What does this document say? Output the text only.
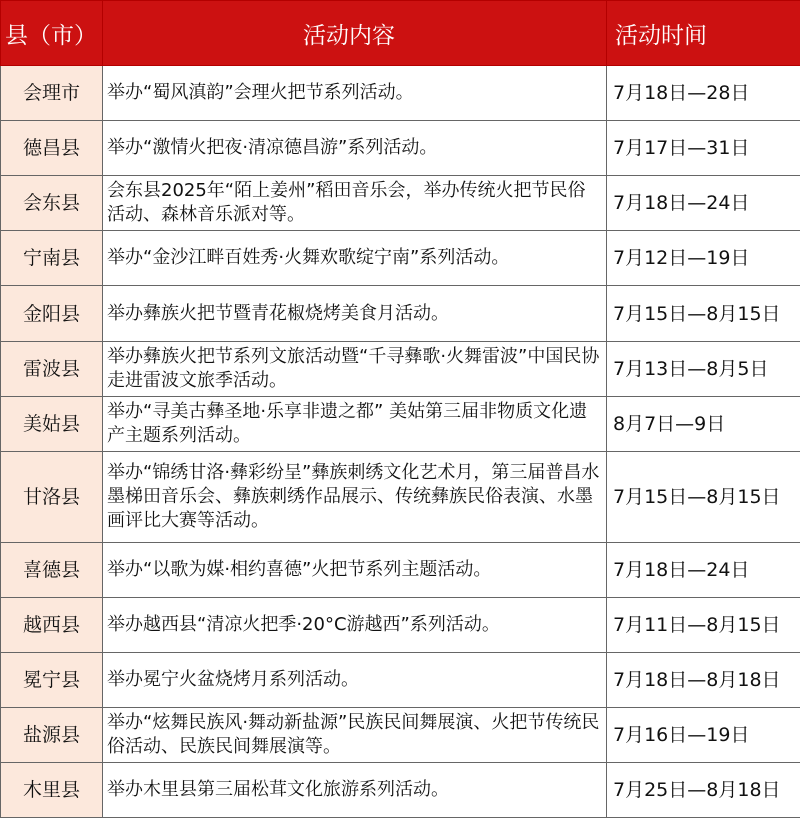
县（市）	活动内容	活动时间
会理市	举办“蜀风滇韵”会理火把节系列活动。	7月18日—28日
德昌县	举办“激情火把夜·清凉德昌游”系列活动。	7月17日—31日
会东县	会东县2025年“陌上姜州”稻田音乐会，举办传统火把节民俗活动、森林音乐派对等。	7月18日—24日
宁南县	举办“金沙江畔百姓秀·火舞欢歌绽宁南”系列活动。	7月12日—19日
金阳县	举办彝族火把节暨青花椒烧烤美食月活动。	7月15日—8月15日
雷波县	举办彝族火把节系列文旅活动暨“千寻彝歌·火舞雷波”中国民协走进雷波文旅季活动。	7月13日—8月5日
美姑县	举办“寻美古彝圣地·乐享非遗之都” 美姑第三届非物质文化遗产主题系列活动。	8月7日—9日
甘洛县	举办“锦绣甘洛·彝彩纷呈”彝族刺绣文化艺术月，第三届普昌水墨梯田音乐会、彝族刺绣作品展示、传统彝族民俗表演、水墨画评比大赛等活动。	7月15日—8月15日
喜德县	举办“以歌为媒·相约喜德”火把节系列主题活动。	7月18日—24日
越西县	举办越西县“清凉火把季·20°C游越西”系列活动。	7月11日—8月15日
冕宁县	举办冕宁火盆烧烤月系列活动。	7月18日—8月18日
盐源县	举办“炫舞民族风·舞动新盐源”民族民间舞展演、火把节传统民俗活动、民族民间舞展演等。	7月16日—19日
木里县	举办木里县第三届松茸文化旅游系列活动。	7月25日—8月18日
